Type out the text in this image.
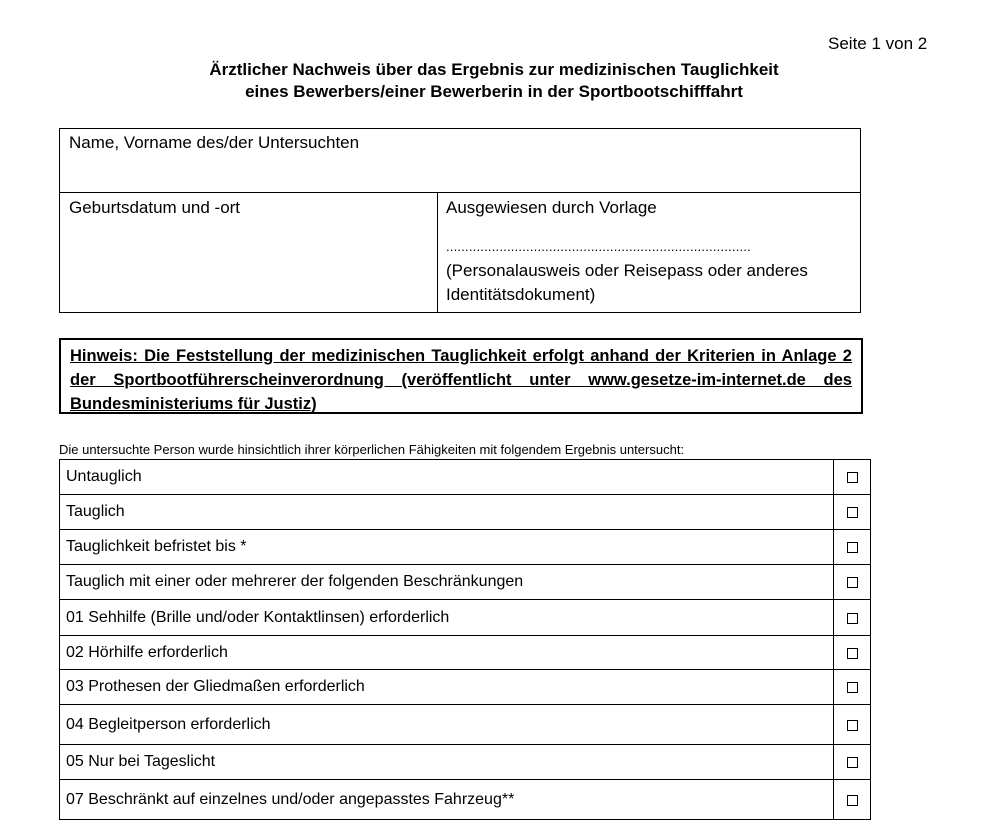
Seite 1 von 2
Ärztlicher Nachweis über das Ergebnis zur medizinischen Tauglichkeit
eines Bewerbers/einer Bewerberin in der Sportbootschifffahrt
Name, Vorname des/der Untersuchten
Geburtsdatum und -ort	Ausgewiesen durch Vorlage
................................................................................
(Personalausweis oder Reisepass oder anderes Identitätsdokument)
Hinweis: Die Feststellung der medizinischen Tauglichkeit erfolgt anhand der Kriterien in Anlage 2 der Sportbootführerscheinverordnung (veröffentlicht unter www.gesetze-im-internet.de des Bundesministeriums für Justiz)
Die untersuchte Person wurde hinsichtlich ihrer körperlichen Fähigkeiten mit folgendem Ergebnis untersucht:
Untauglich	
Tauglich	
Tauglichkeit befristet bis *	
Tauglich mit einer oder mehrerer der folgenden Beschränkungen	
01 Sehhilfe (Brille und/oder Kontaktlinsen) erforderlich	
02 Hörhilfe erforderlich	
03 Prothesen der Gliedmaßen erforderlich	
04 Begleitperson erforderlich	
05 Nur bei Tageslicht	
07 Beschränkt auf einzelnes und/oder angepasstes Fahrzeug**	
